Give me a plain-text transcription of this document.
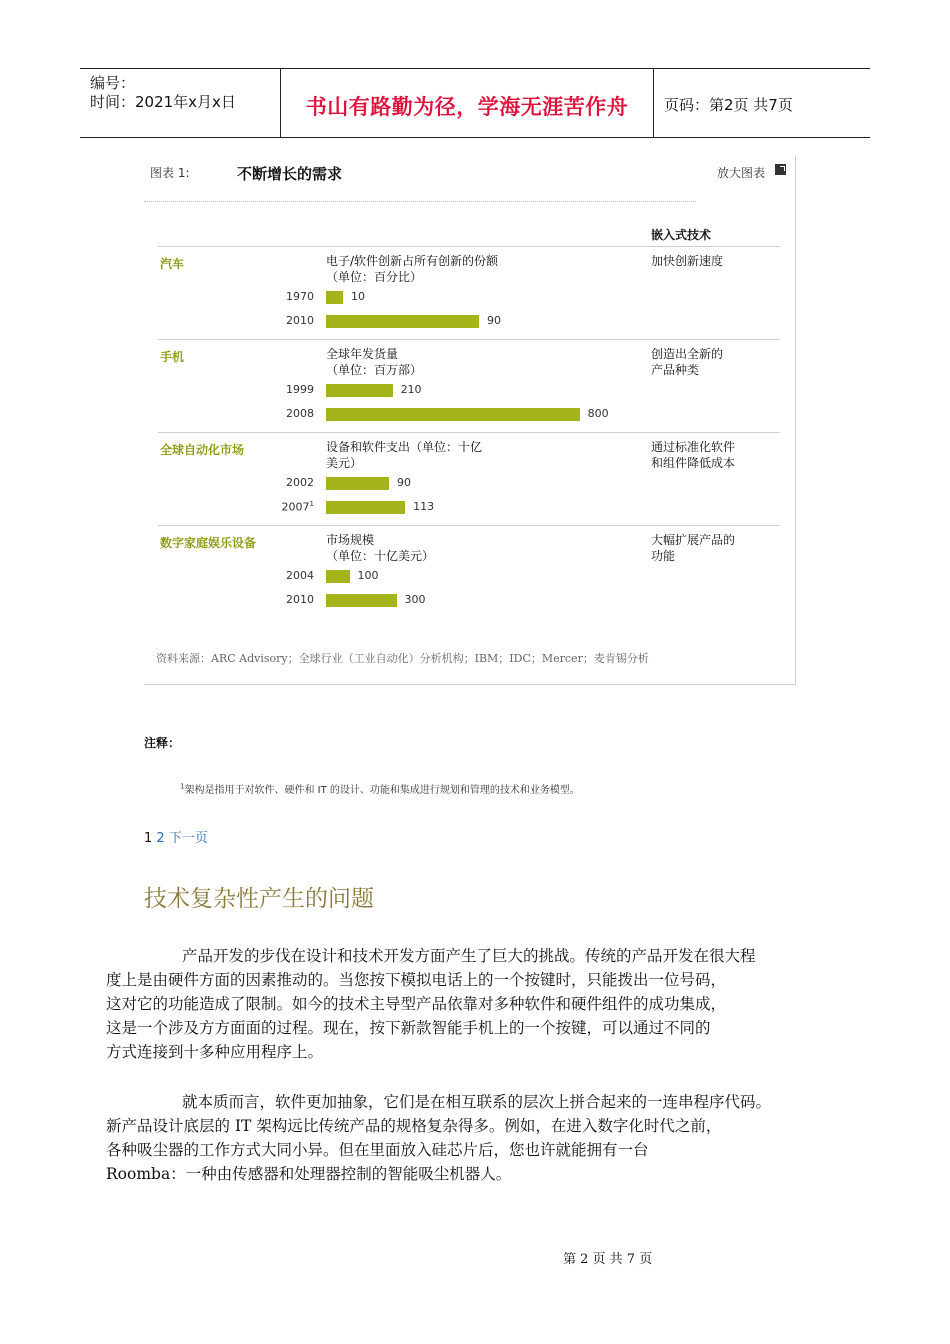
编号：
时间：2021年x月x日	书山有路勤为径，学海无涯苦作舟	页码：第2页 共7页
图表 1:	不断增长的需求	放大图表
嵌入式技术
资料来源：ARC Advisory；全球行业（工业自动化）分析机构；IBM；IDC；Mercer；麦肯锡分析
汽车	电子/软件创新占所有创新的份额
（单位：百分比）
加快创新速度
1970	10
2010	90
手机	全球年发货量
（单位：百万部）
创造出全新的
产品种类
1999	210
2008	800
全球自动化市场	设备和软件支出（单位：十亿
美元）
通过标准化软件
和组件降低成本
2002	90
2007$^1$	113
数字家庭娱乐设备	市场规模
（单位：十亿美元）
大幅扩展产品的
功能
2004	100
2010	300
注释：
$^1$架构是指用于对软件、硬件和 IT 的设计、功能和集成进行规划和管理的技术和业务模型。
1 2 下一页
技术复杂性产生的问题
产品开发的步伐在设计和技术开发方面产生了巨大的挑战。传统的产品开发在很大程
度上是由硬件方面的因素推动的。当您按下模拟电话上的一个按键时，只能拨出一位号码，
这对它的功能造成了限制。如今的技术主导型产品依靠对多种软件和硬件组件的成功集成，
这是一个涉及方方面面的过程。现在，按下新款智能手机上的一个按键，可以通过不同的
方式连接到十多种应用程序上。
就本质而言，软件更加抽象，它们是在相互联系的层次上拼合起来的一连串程序代码。
新产品设计底层的 IT 架构远比传统产品的规格复杂得多。例如，在进入数字化时代之前，
各种吸尘器的工作方式大同小异。但在里面放入硅芯片后，您也许就能拥有一台
Roomba：一种由传感器和处理器控制的智能吸尘机器人。
第 2 页 共 7 页
